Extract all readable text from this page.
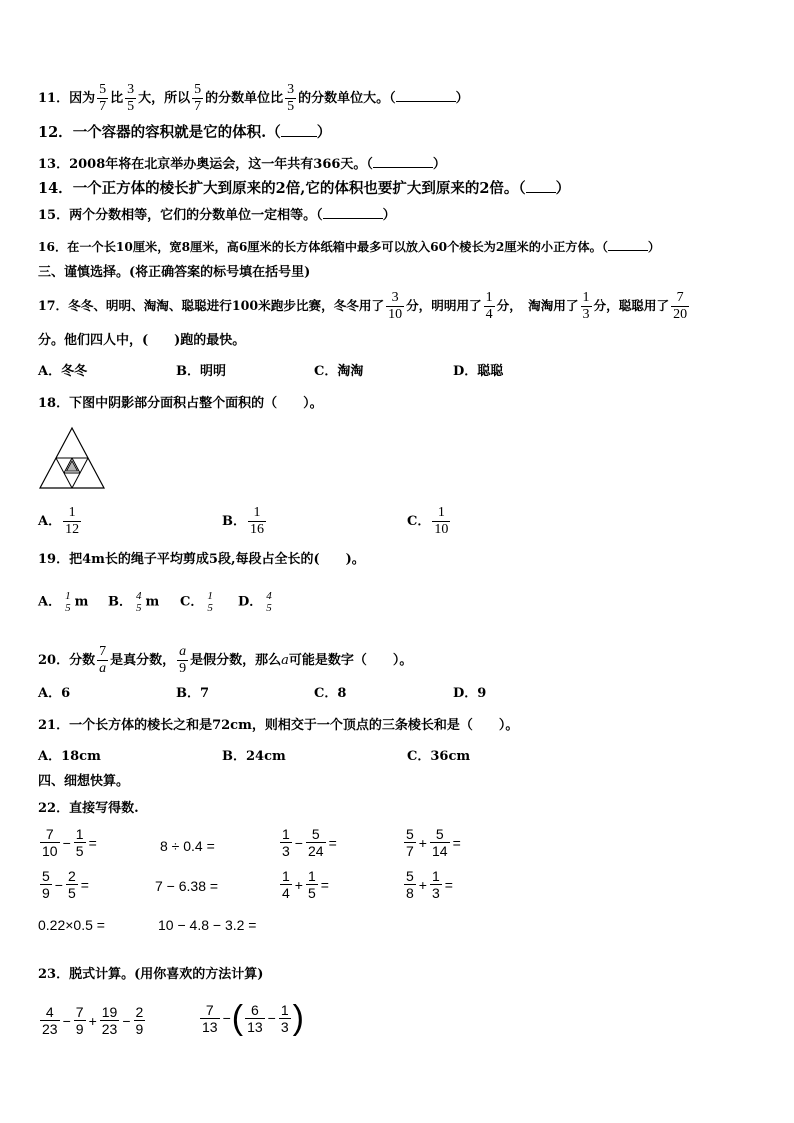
11．因为 $\frac{5}{7}$ 比 $\frac{3}{5}$ 大，所以 $\frac{5}{7}$ 的分数单位比 $\frac{3}{5}$ 的分数单位大。（	）
12．一个容器的容积就是它的体积.（ ）
13．2008年将在北京举办奥运会，这一年共有366天。（	）
14．一个正方体的棱长扩大到原来的2倍,它的体积也要扩大到原来的2倍。（ ）
15．两个分数相等，它们的分数单位一定相等。（	）
16．在一个长10厘米，宽8厘米，高6厘米的长方体纸箱中最多可以放入60个棱长为2厘米的小正方体。（	）
三、谨慎选择。(将正确答案的标号填在括号里)
17．冬冬、明明、淘淘、聪聪进行100米跑步比赛，冬冬用了 $\frac{3}{10}$ 分，明明用了 $\frac{1}{4}$ 分，　淘淘用了 $\frac{1}{3}$ 分，聪聪用了 $\frac{7}{20}$
分。他们四人中，(　　)跑的最快。
A．冬冬	B．明明	C．淘淘	D．聪聪
18．下图中阴影部分面积占整个面积的（　　）。
A． $\frac{1}{12}$	B． $\frac{1}{16}$	C． $\frac{1}{10}$
19．把4m长的绳子平均剪成5段,每段占全长的(　　)。
A． 1
5 m B． 4
5 m C． 1
5 D． 4
5
20．分数 $\frac{7}{a}$ 是真分数， $\frac{a}{9}$ 是假分数，那么a可能是数字（　　）。
A．6	B．7	C．8	D．9
21．一个长方体的棱长之和是72cm，则相交于一个顶点的三条棱长和是（　　）。
A．18cm	B．24cm	C．36cm
四、细想快算。
22．直接写得数.
$\frac{7}{10} - \frac{1}{5}$ =	8 ÷ 0.4 =	$\frac{1}{3} - \frac{5}{24}$ =	$\frac{5}{7} + \frac{5}{14}$ =
$\frac{5}{9} - \frac{2}{5}$ =	7 − 6.38 =	$\frac{1}{4} + \frac{1}{5}$ =	$\frac{5}{8} + \frac{1}{3}$ =
0.22×0.5 =	10 − 4.8 − 3.2 =
23．脱式计算。(用你喜欢的方法计算)
$\frac{4}{23} - \frac{7}{9} + \frac{19}{23} - \frac{2}{9}$	$\frac{7}{13}$ −( $\frac{6}{13} - \frac{1}{3}$ )
